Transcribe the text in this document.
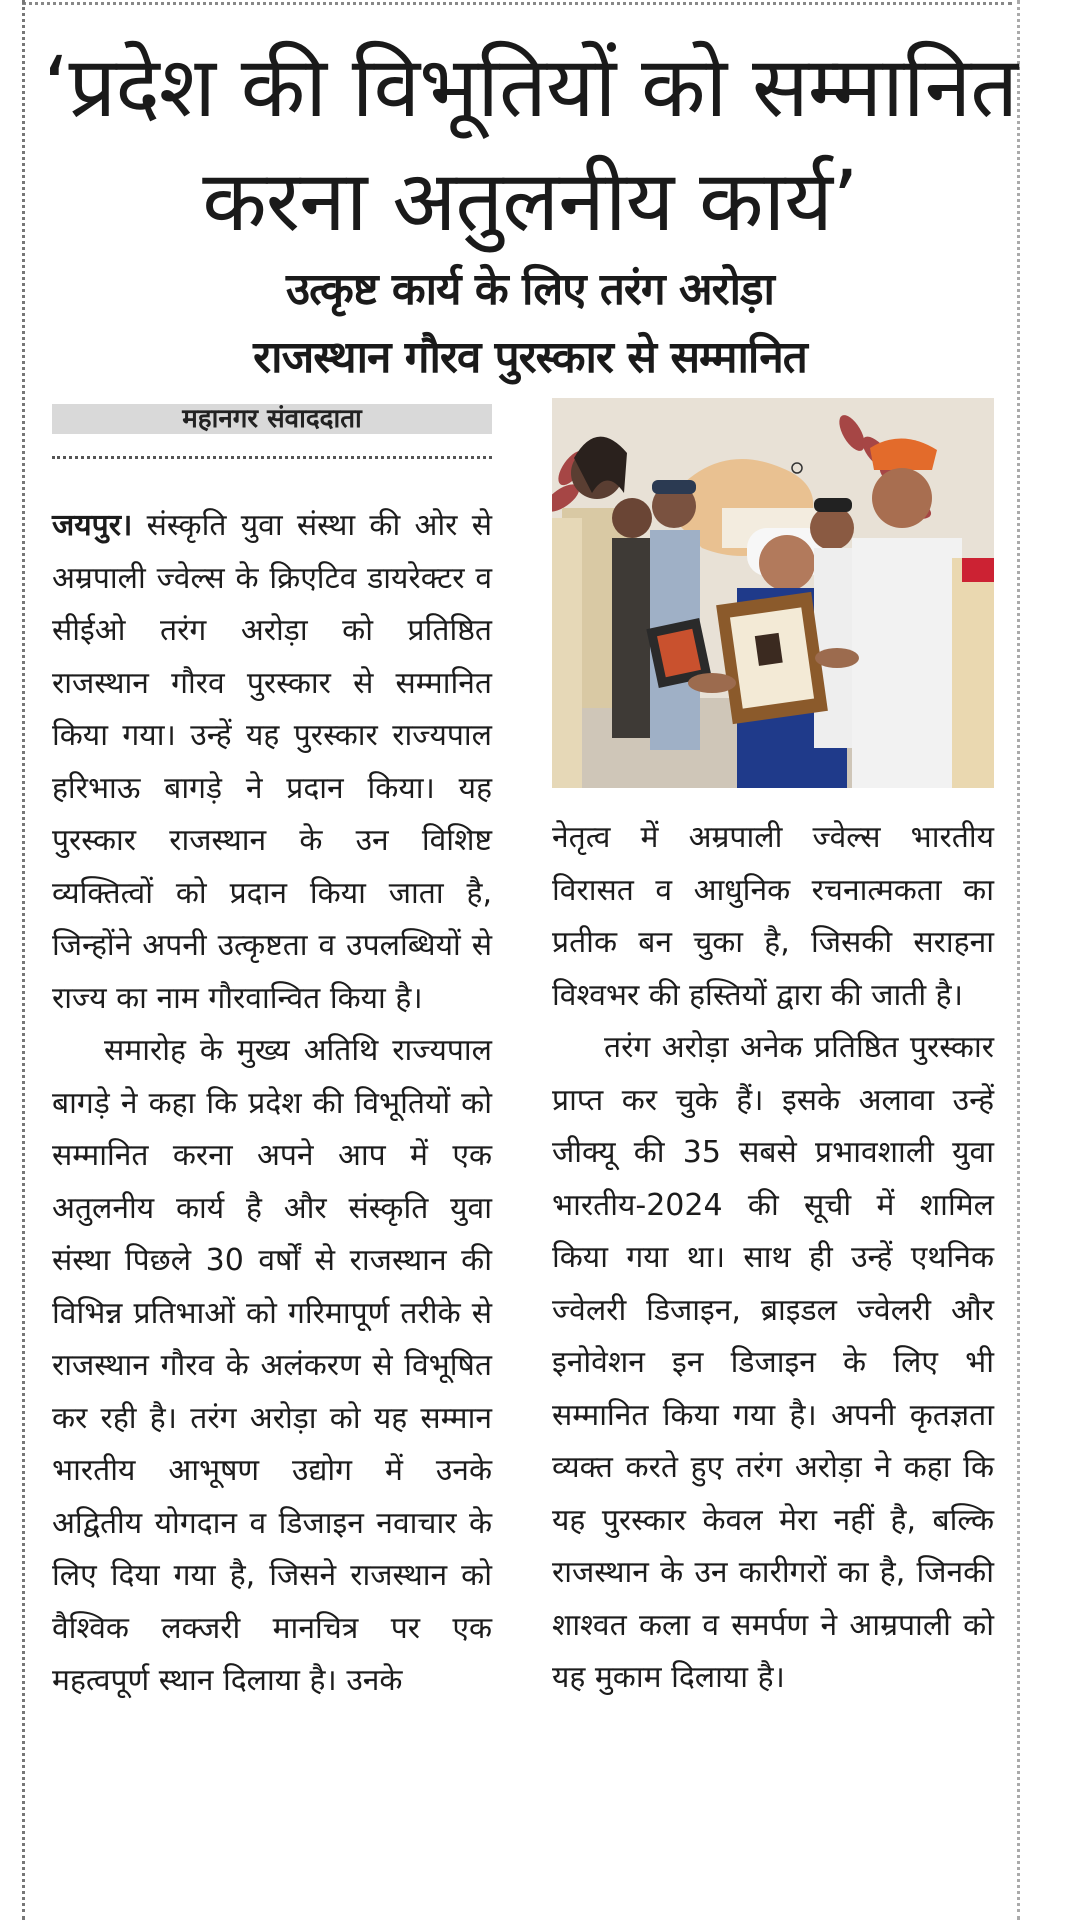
‘प्रदेश की विभूतियों को सम्मानित
करना अतुलनीय कार्य’
उत्कृष्ट कार्य के लिए तरंग अरोड़ा
राजस्थान गौरव पुरस्कार से सम्मानित
महानगर संवाददाता

जयपुर। संस्कृति युवा संस्था की ओर से अम्रपाली ज्वेल्स के क्रिएटिव डायरेक्टर व सीईओ तरंग अरोड़ा को प्रतिष्ठित राजस्थान गौरव पुरस्कार से सम्मानित किया गया। उन्हें यह पुरस्कार राज्यपाल हरिभाऊ बागड़े ने प्रदान किया। यह पुरस्कार राजस्थान के उन विशिष्ट व्यक्तित्वों को प्रदान किया जाता है, जिन्होंने अपनी उत्कृष्टता व उपलब्धियों से राज्य का नाम गौरवान्वित किया है।

समारोह के मुख्य अतिथि राज्यपाल बागड़े ने कहा कि प्रदेश की विभूतियों को सम्मानित करना अपने आप में एक अतुलनीय कार्य है और संस्कृति युवा संस्था पिछले 30 वर्षों से राजस्थान की विभिन्न प्रतिभाओं को गरिमापूर्ण तरीके से राजस्थान गौरव के अलंकरण से विभूषित कर रही है। तरंग अरोड़ा को यह सम्मान भारतीय आभूषण उद्योग में उनके अद्वितीय योगदान व डिजाइन नवाचार के लिए दिया गया है, जिसने राजस्थान को वैश्विक लक्जरी मानचित्र पर एक महत्वपूर्ण स्थान दिलाया है। उनके

नेतृत्व में अम्रपाली ज्वेल्स भारतीय विरासत व आधुनिक रचनात्मकता का प्रतीक बन चुका है, जिसकी सराहना विश्वभर की हस्तियों द्वारा की जाती है।

तरंग अरोड़ा अनेक प्रतिष्ठित पुरस्कार प्राप्त कर चुके हैं। इसके अलावा उन्हें जीक्यू की 35 सबसे प्रभावशाली युवा भारतीय-2024 की सूची में शामिल किया गया था। साथ ही उन्हें एथनिक ज्वेलरी डिजाइन, ब्राइडल ज्वेलरी और इनोवेशन इन डिजाइन के लिए भी सम्मानित किया गया है। अपनी कृतज्ञता व्यक्त करते हुए तरंग अरोड़ा ने कहा कि यह पुरस्कार केवल मेरा नहीं है, बल्कि राजस्थान के उन कारीगरों का है, जिनकी शाश्वत कला व समर्पण ने आम्रपाली को यह मुकाम दिलाया है।
